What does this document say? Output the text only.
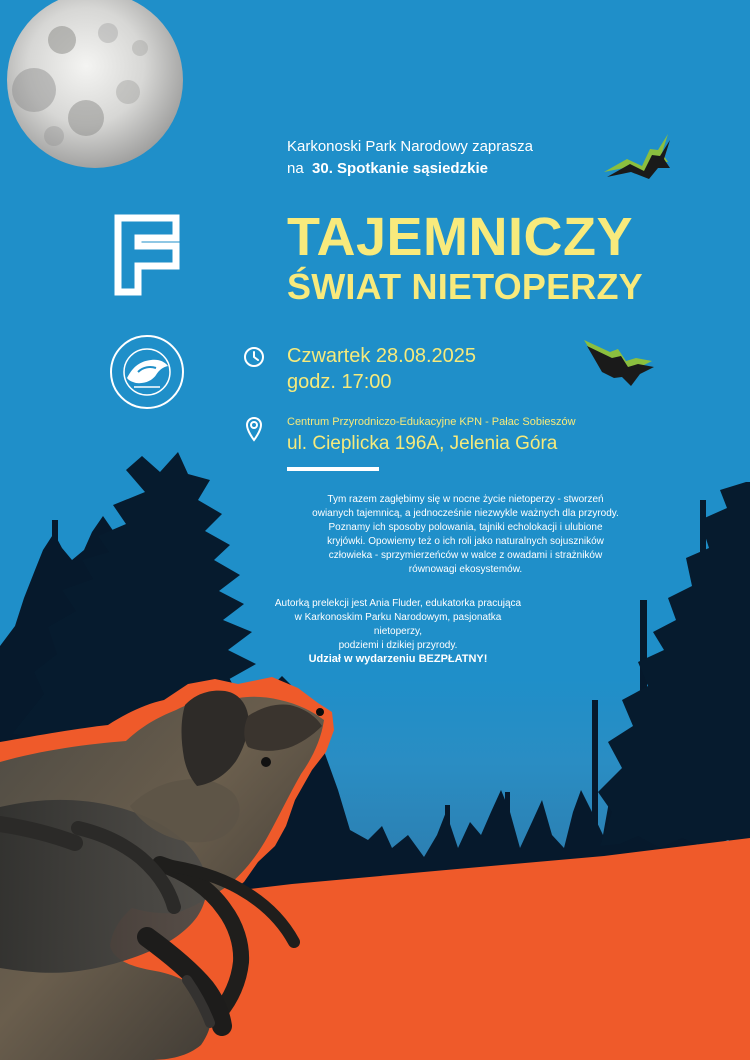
Karkonoski Park Narodowy zaprasza
na 30. Spotkanie sąsiedzkie
TAJEMNICZY
ŚWIAT NIETOPERZY
Czwartek 28.08.2025
godz. 17:00
Centrum Przyrodniczo-Edukacyjne KPN - Pałac Sobieszów
ul. Cieplicka 196A, Jelenia Góra
Tym razem zagłębimy się w nocne życie nietoperzy - stworzeń
owianych tajemnicą, a jednocześnie niezwykle ważnych dla przyrody.
Poznamy ich sposoby polowania, tajniki echolokacji i ulubione
kryjówki. Opowiemy też o ich roli jako naturalnych sojuszników
człowieka - sprzymierzeńców w walce z owadami i strażników
równowagi ekosystemów.
Autorką prelekcji jest Ania Fluder, edukatorka pracująca
w Karkonoskim Parku Narodowym, pasjonatka nietoperzy,
podziemi i dzikiej przyrody.
Udział w wydarzeniu BEZPŁATNY!
